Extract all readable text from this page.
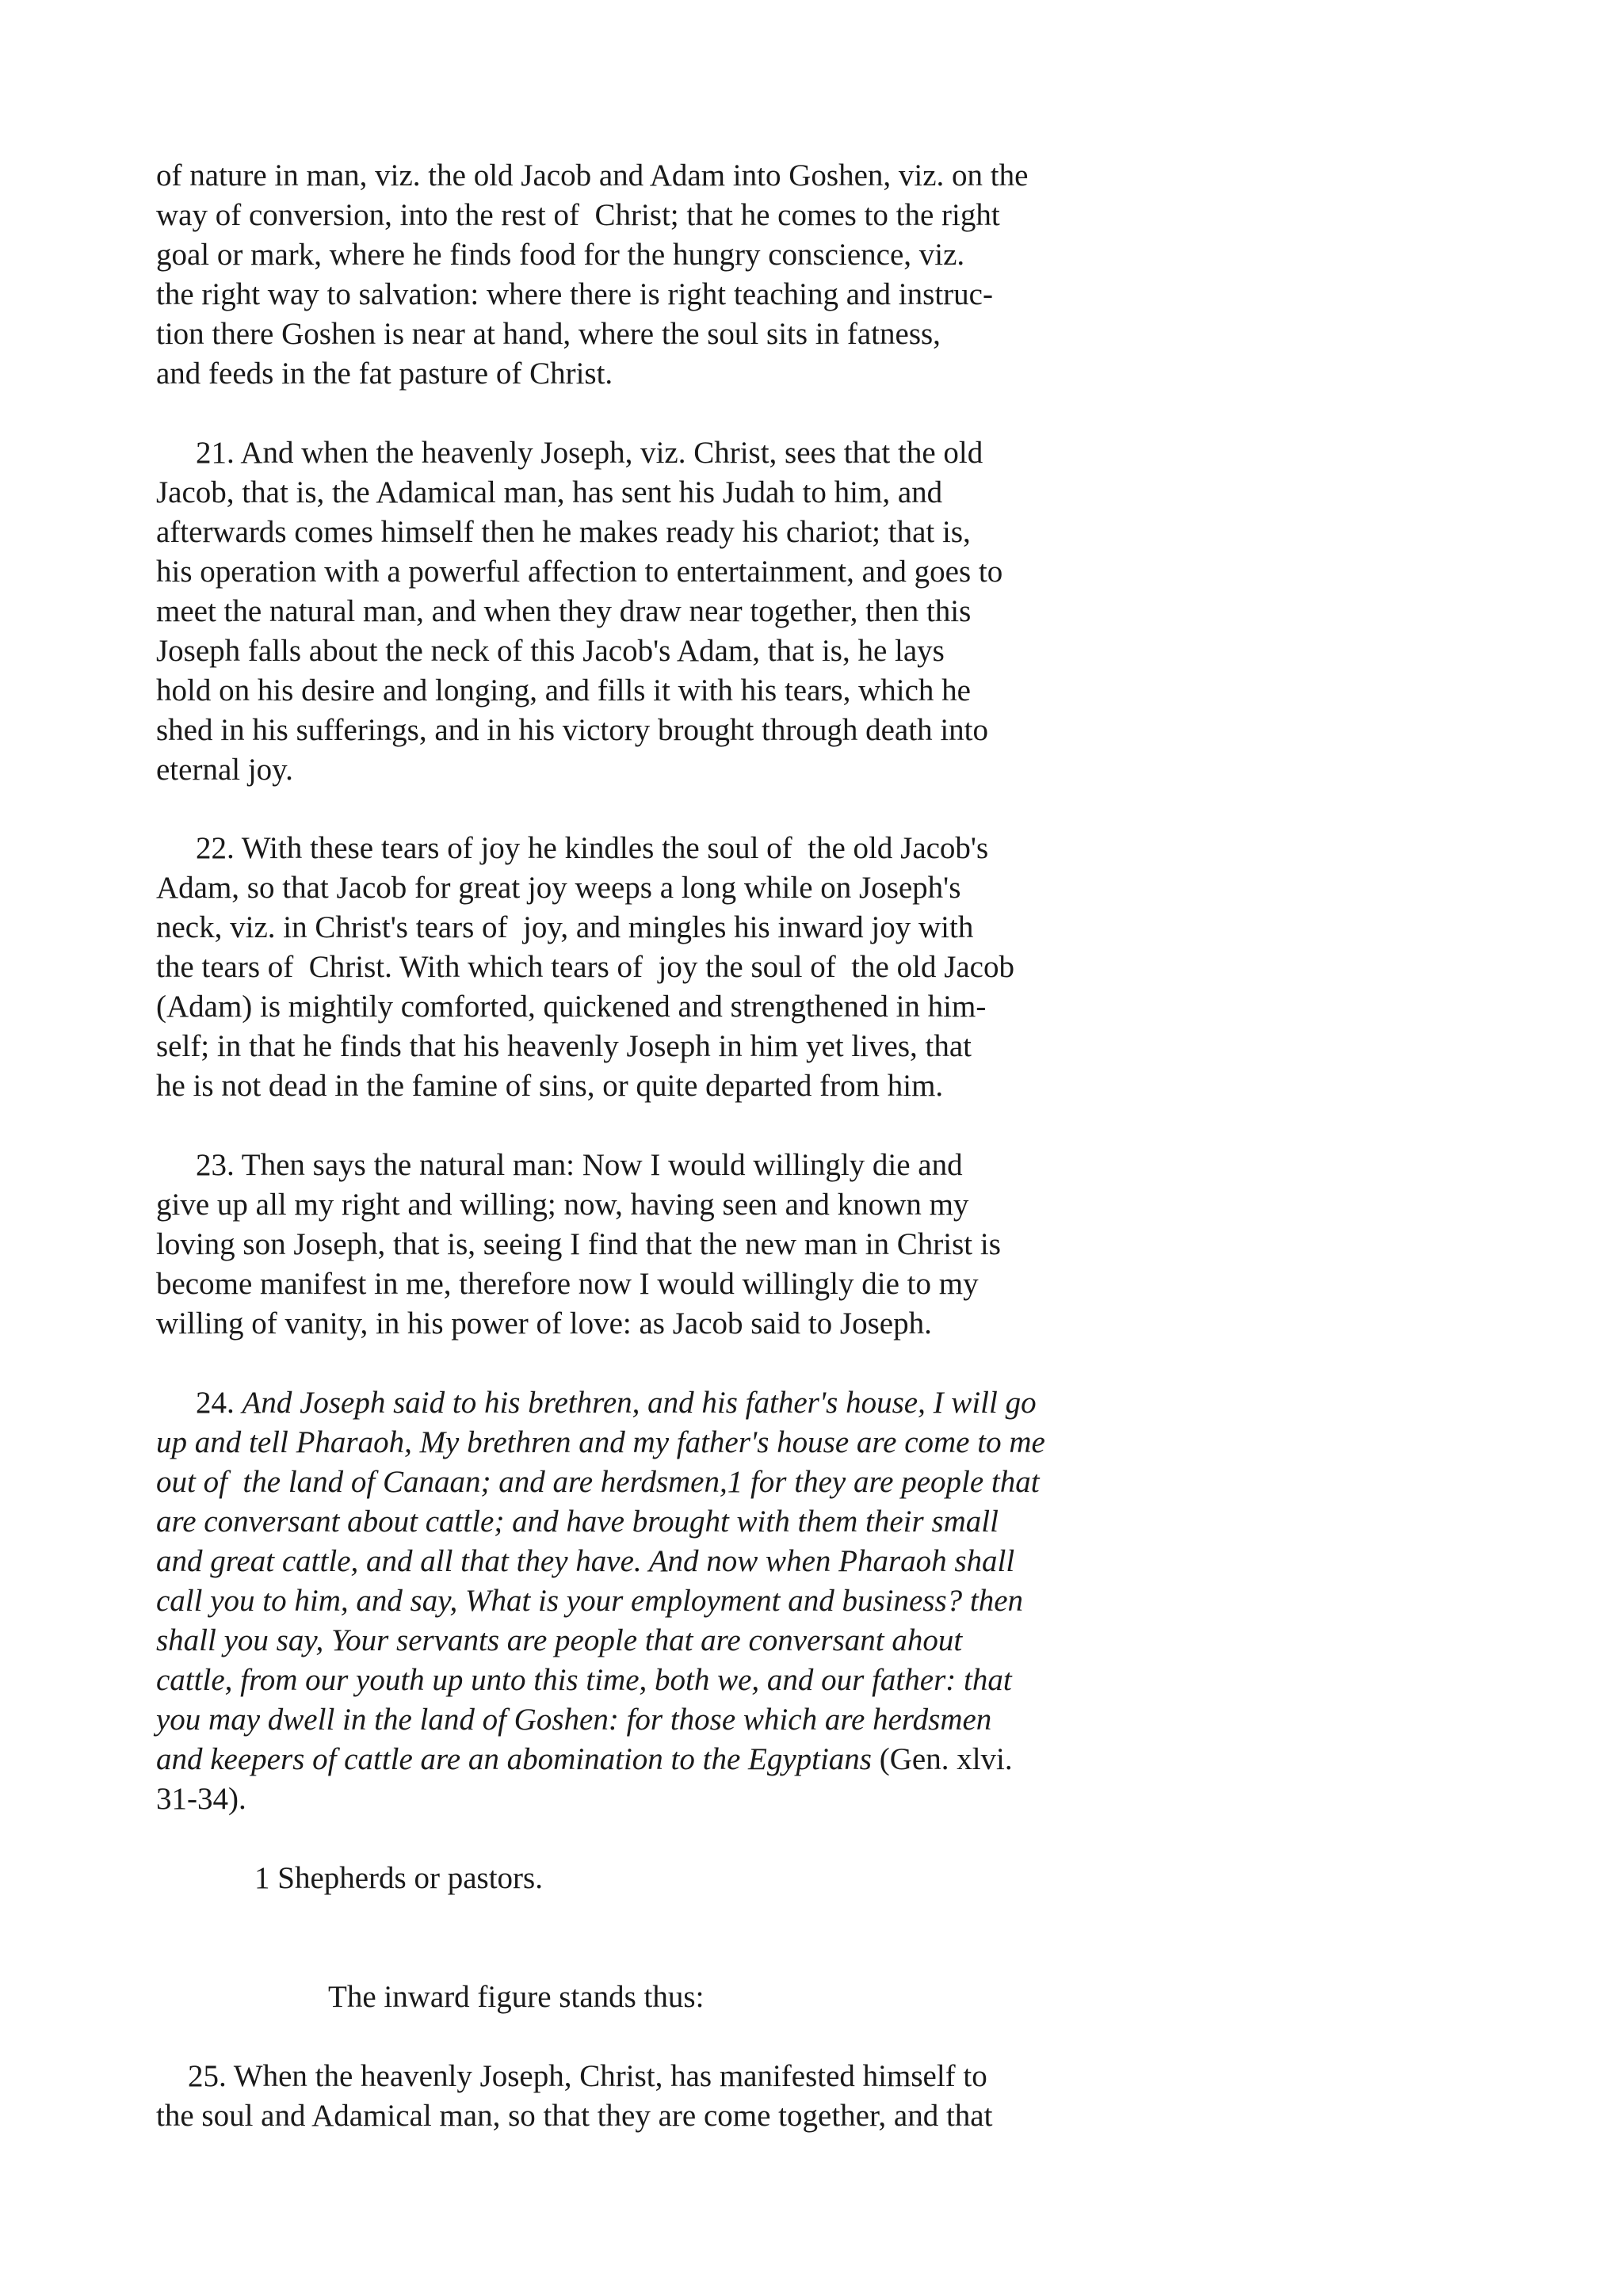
of nature in man, viz. the old Jacob and Adam into Goshen, viz. on the
way of conversion, into the rest of  Christ; that he comes to the right
goal or mark, where he finds food for the hungry conscience, viz.
the right way to salvation: where there is right teaching and instruc-
tion there Goshen is near at hand, where the soul sits in fatness,
and feeds in the fat pasture of Christ.
21. And when the heavenly Joseph, viz. Christ, sees that the old
Jacob, that is, the Adamical man, has sent his Judah to him, and
afterwards comes himself then he makes ready his chariot; that is,
his operation with a powerful affection to entertainment, and goes to
meet the natural man, and when they draw near together, then this
Joseph falls about the neck of this Jacob's Adam, that is, he lays
hold on his desire and longing, and fills it with his tears, which he
shed in his sufferings, and in his victory brought through death into
eternal joy.
22. With these tears of joy he kindles the soul of  the old Jacob's
Adam, so that Jacob for great joy weeps a long while on Joseph's
neck, viz. in Christ's tears of  joy, and mingles his inward joy with
the tears of  Christ. With which tears of  joy the soul of  the old Jacob
(Adam) is mightily comforted, quickened and strengthened in him-
self; in that he finds that his heavenly Joseph in him yet lives, that
he is not dead in the famine of sins, or quite departed from him.
23. Then says the natural man: Now I would willingly die and
give up all my right and willing; now, having seen and known my
loving son Joseph, that is, seeing I find that the new man in Christ is
become manifest in me, therefore now I would willingly die to my
willing of vanity, in his power of love: as Jacob said to Joseph.
24. And Joseph said to his brethren, and his father's house, I will go
up and tell Pharaoh, My brethren and my father's house are come to me
out of  the land of Canaan; and are herdsmen,1 for they are people that
are conversant about cattle; and have brought with them their small
and great cattle, and all that they have. And now when Pharaoh shall
call you to him, and say, What is your employment and business? then
shall you say, Your servants are people that are conversant ahout
cattle, from our youth up unto this time, both we, and our father: that
you may dwell in the land of Goshen: for those which are herdsmen
and keepers of cattle are an abomination to the Egyptians (Gen. xlvi.
31-34).
1 Shepherds or pastors.
The inward figure stands thus:
25. When the heavenly Joseph, Christ, has manifested himself to
the soul and Adamical man, so that they are come together, and that
